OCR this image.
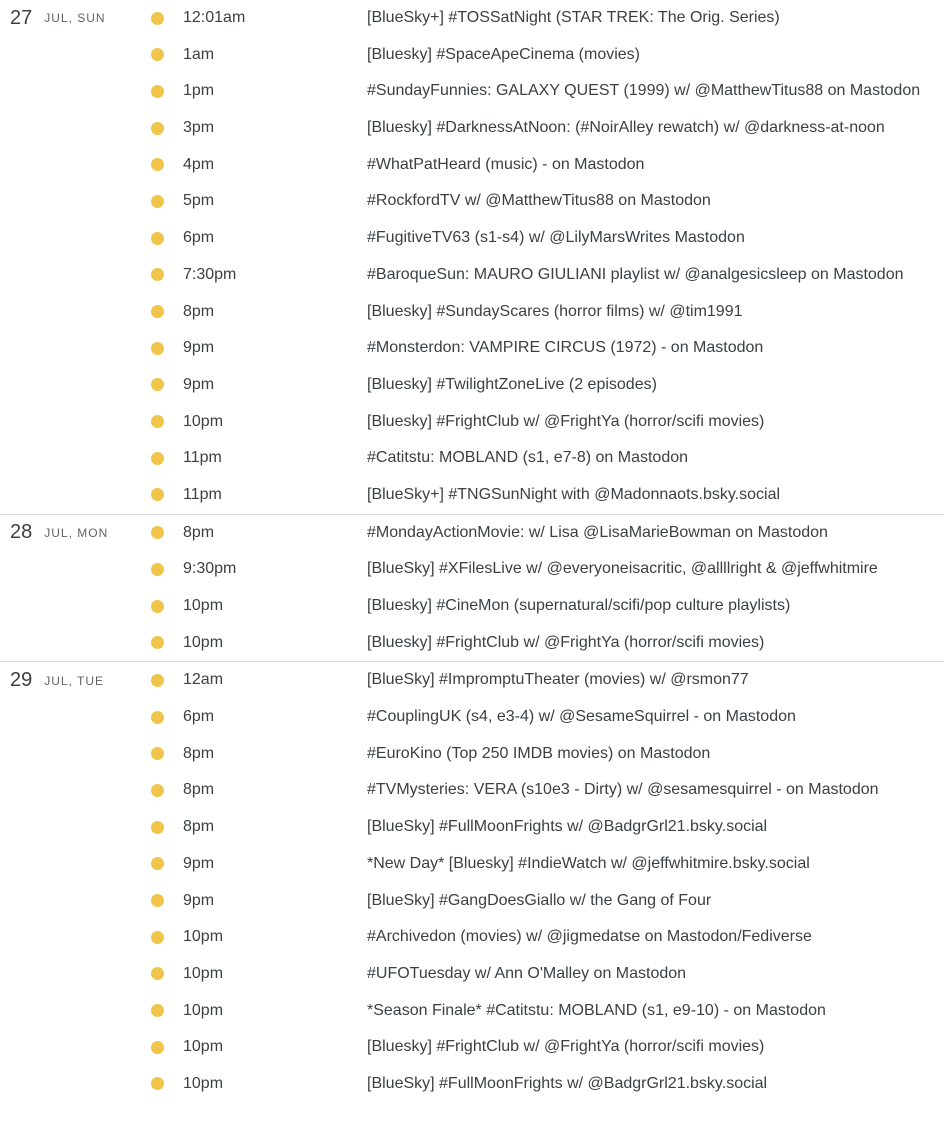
27 JUL, SUN	12:01am	[BlueSky+] #TOSSatNight (STAR TREK: The Orig. Series)
1am	[Bluesky] #SpaceApeCinema (movies)
1pm	#SundayFunnies: GALAXY QUEST (1999) w/ @MatthewTitus88 on Mastodon
3pm	[Bluesky] #DarknessAtNoon: (#NoirAlley rewatch) w/ @darkness-at-noon
4pm	#WhatPatHeard (music) - on Mastodon
5pm	#RockfordTV w/ @MatthewTitus88 on Mastodon
6pm	#FugitiveTV63 (s1-s4) w/ @LilyMarsWrites Mastodon
7:30pm	#BaroqueSun: MAURO GIULIANI playlist w/ @analgesicsleep on Mastodon
8pm	[Bluesky] #SundayScares (horror films) w/ @tim1991
9pm	#Monsterdon: VAMPIRE CIRCUS (1972) - on Mastodon
9pm	[Bluesky] #TwilightZoneLive (2 episodes)
10pm	[Bluesky] #FrightClub w/ @FrightYa (horror/scifi movies)
11pm	#Catitstu: MOBLAND (s1, e7-8) on Mastodon
11pm	[BlueSky+] #TNGSunNight with @Madonnaots.bsky.social
28 JUL, MON	8pm	#MondayActionMovie: w/ Lisa @LisaMarieBowman on Mastodon
9:30pm	[BlueSky] #XFilesLive w/ @everyoneisacritic, @allllright & @jeffwhitmire
10pm	[Bluesky] #CineMon (supernatural/scifi/pop culture playlists)
10pm	[Bluesky] #FrightClub w/ @FrightYa (horror/scifi movies)
29 JUL, TUE	12am	[BlueSky] #ImpromptuTheater (movies) w/ @rsmon77
6pm	#CouplingUK (s4, e3-4) w/ @SesameSquirrel - on Mastodon
8pm	#EuroKino (Top 250 IMDB movies) on Mastodon
8pm	#TVMysteries: VERA (s10e3 - Dirty) w/ @sesamesquirrel - on Mastodon
8pm	[BlueSky] #FullMoonFrights w/ @BadgrGrl21.bsky.social
9pm	*New Day* [Bluesky] #IndieWatch w/ @jeffwhitmire.bsky.social
9pm	[BlueSky] #GangDoesGiallo w/ the Gang of Four
10pm	#Archivedon (movies) w/ @jigmedatse on Mastodon/Fediverse
10pm	#UFOTuesday w/ Ann O'Malley on Mastodon
10pm	*Season Finale* #Catitstu: MOBLAND (s1, e9-10) - on Mastodon
10pm	[Bluesky] #FrightClub w/ @FrightYa (horror/scifi movies)
10pm	[BlueSky] #FullMoonFrights w/ @BadgrGrl21.bsky.social
